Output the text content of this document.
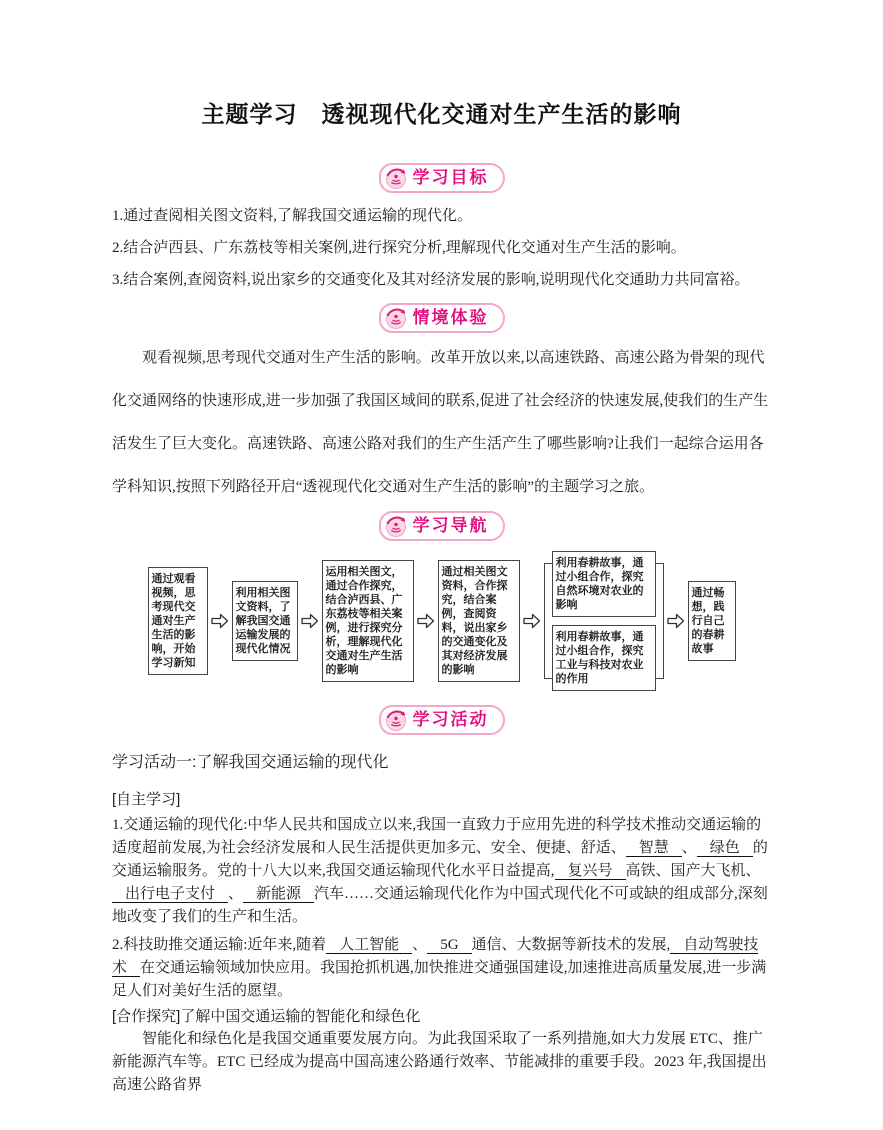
主题学习　透视现代化交通对生产生活的影响
学习目标

1.通过查阅相关图文资料,了解我国交通运输的现代化。

2.结合泸西县、广东荔枝等相关案例,进行探究分析,理解现代化交通对生产生活的影响。

3.结合案例,查阅资料,说出家乡的交通变化及其对经济发展的影响,说明现代化交通助力共同富裕。

情境体验

观看视频,思考现代交通对生产生活的影响。改革开放以来,以高速铁路、高速公路为骨架的现代化交通网络的快速形成,进一步加强了我国区域间的联系,促进了社会经济的快速发展,使我们的生产生活发生了巨大变化。高速铁路、高速公路对我们的生产生活产生了哪些影响?让我们一起综合运用各学科知识,按照下列路径开启“透视现代化交通对生产生活的影响”的主题学习之旅。

学习导航
通过观看视频，思考现代交通对生产生活的影响，开始学习新知
利用相关图文资料，了解我国交通运输发展的现代化情况
运用相关图文，通过合作探究，结合泸西县、广东荔枝等相关案例，进行探究分析，理解现代化交通对生产生活的影响
通过相关图文资料，合作探究，结合案例，查阅资料，说出家乡的交通变化及其对经济发展的影响
利用春耕故事，通过小组合作，探究自然环境对农业的影响
利用春耕故事，通过小组合作，探究工业与科技对农业的作用
通过畅想，践行自己的春耕故事
学习活动
学习活动一:了解我国交通运输的现代化

[自主学习]

1.交通运输的现代化:中华人民共和国成立以来,我国一直致力于应用先进的科学技术推动交通运输的适度超前发展,为社会经济发展和人民生活提供更加多元、安全、便捷、舒适、 智慧 、 绿色 的交通运输服务。党的十八大以来,我国交通运输现代化水平日益提高, 复兴号 高铁、国产大飞机、出行电子支付 、 新能源 汽车……交通运输现代化作为中国式现代化不可或缺的组成部分,深刻地改变了我们的生产和生活。

2.科技助推交通运输:近年来,随着 人工智能 、 5G 通信、大数据等新技术的发展, 自动驾驶技术 在交通运输领域加快应用。我国抢抓机遇,加快推进交通强国建设,加速推进高质量发展,进一步满足人们对美好生活的愿望。

[合作探究]了解中国交通运输的智能化和绿色化

智能化和绿色化是我国交通重要发展方向。为此我国采取了一系列措施,如大力发展 ETC、推广新能源汽车等。ETC 已经成为提高中国高速公路通行效率、节能减排的重要手段。2023 年,我国提出高速公路省界
